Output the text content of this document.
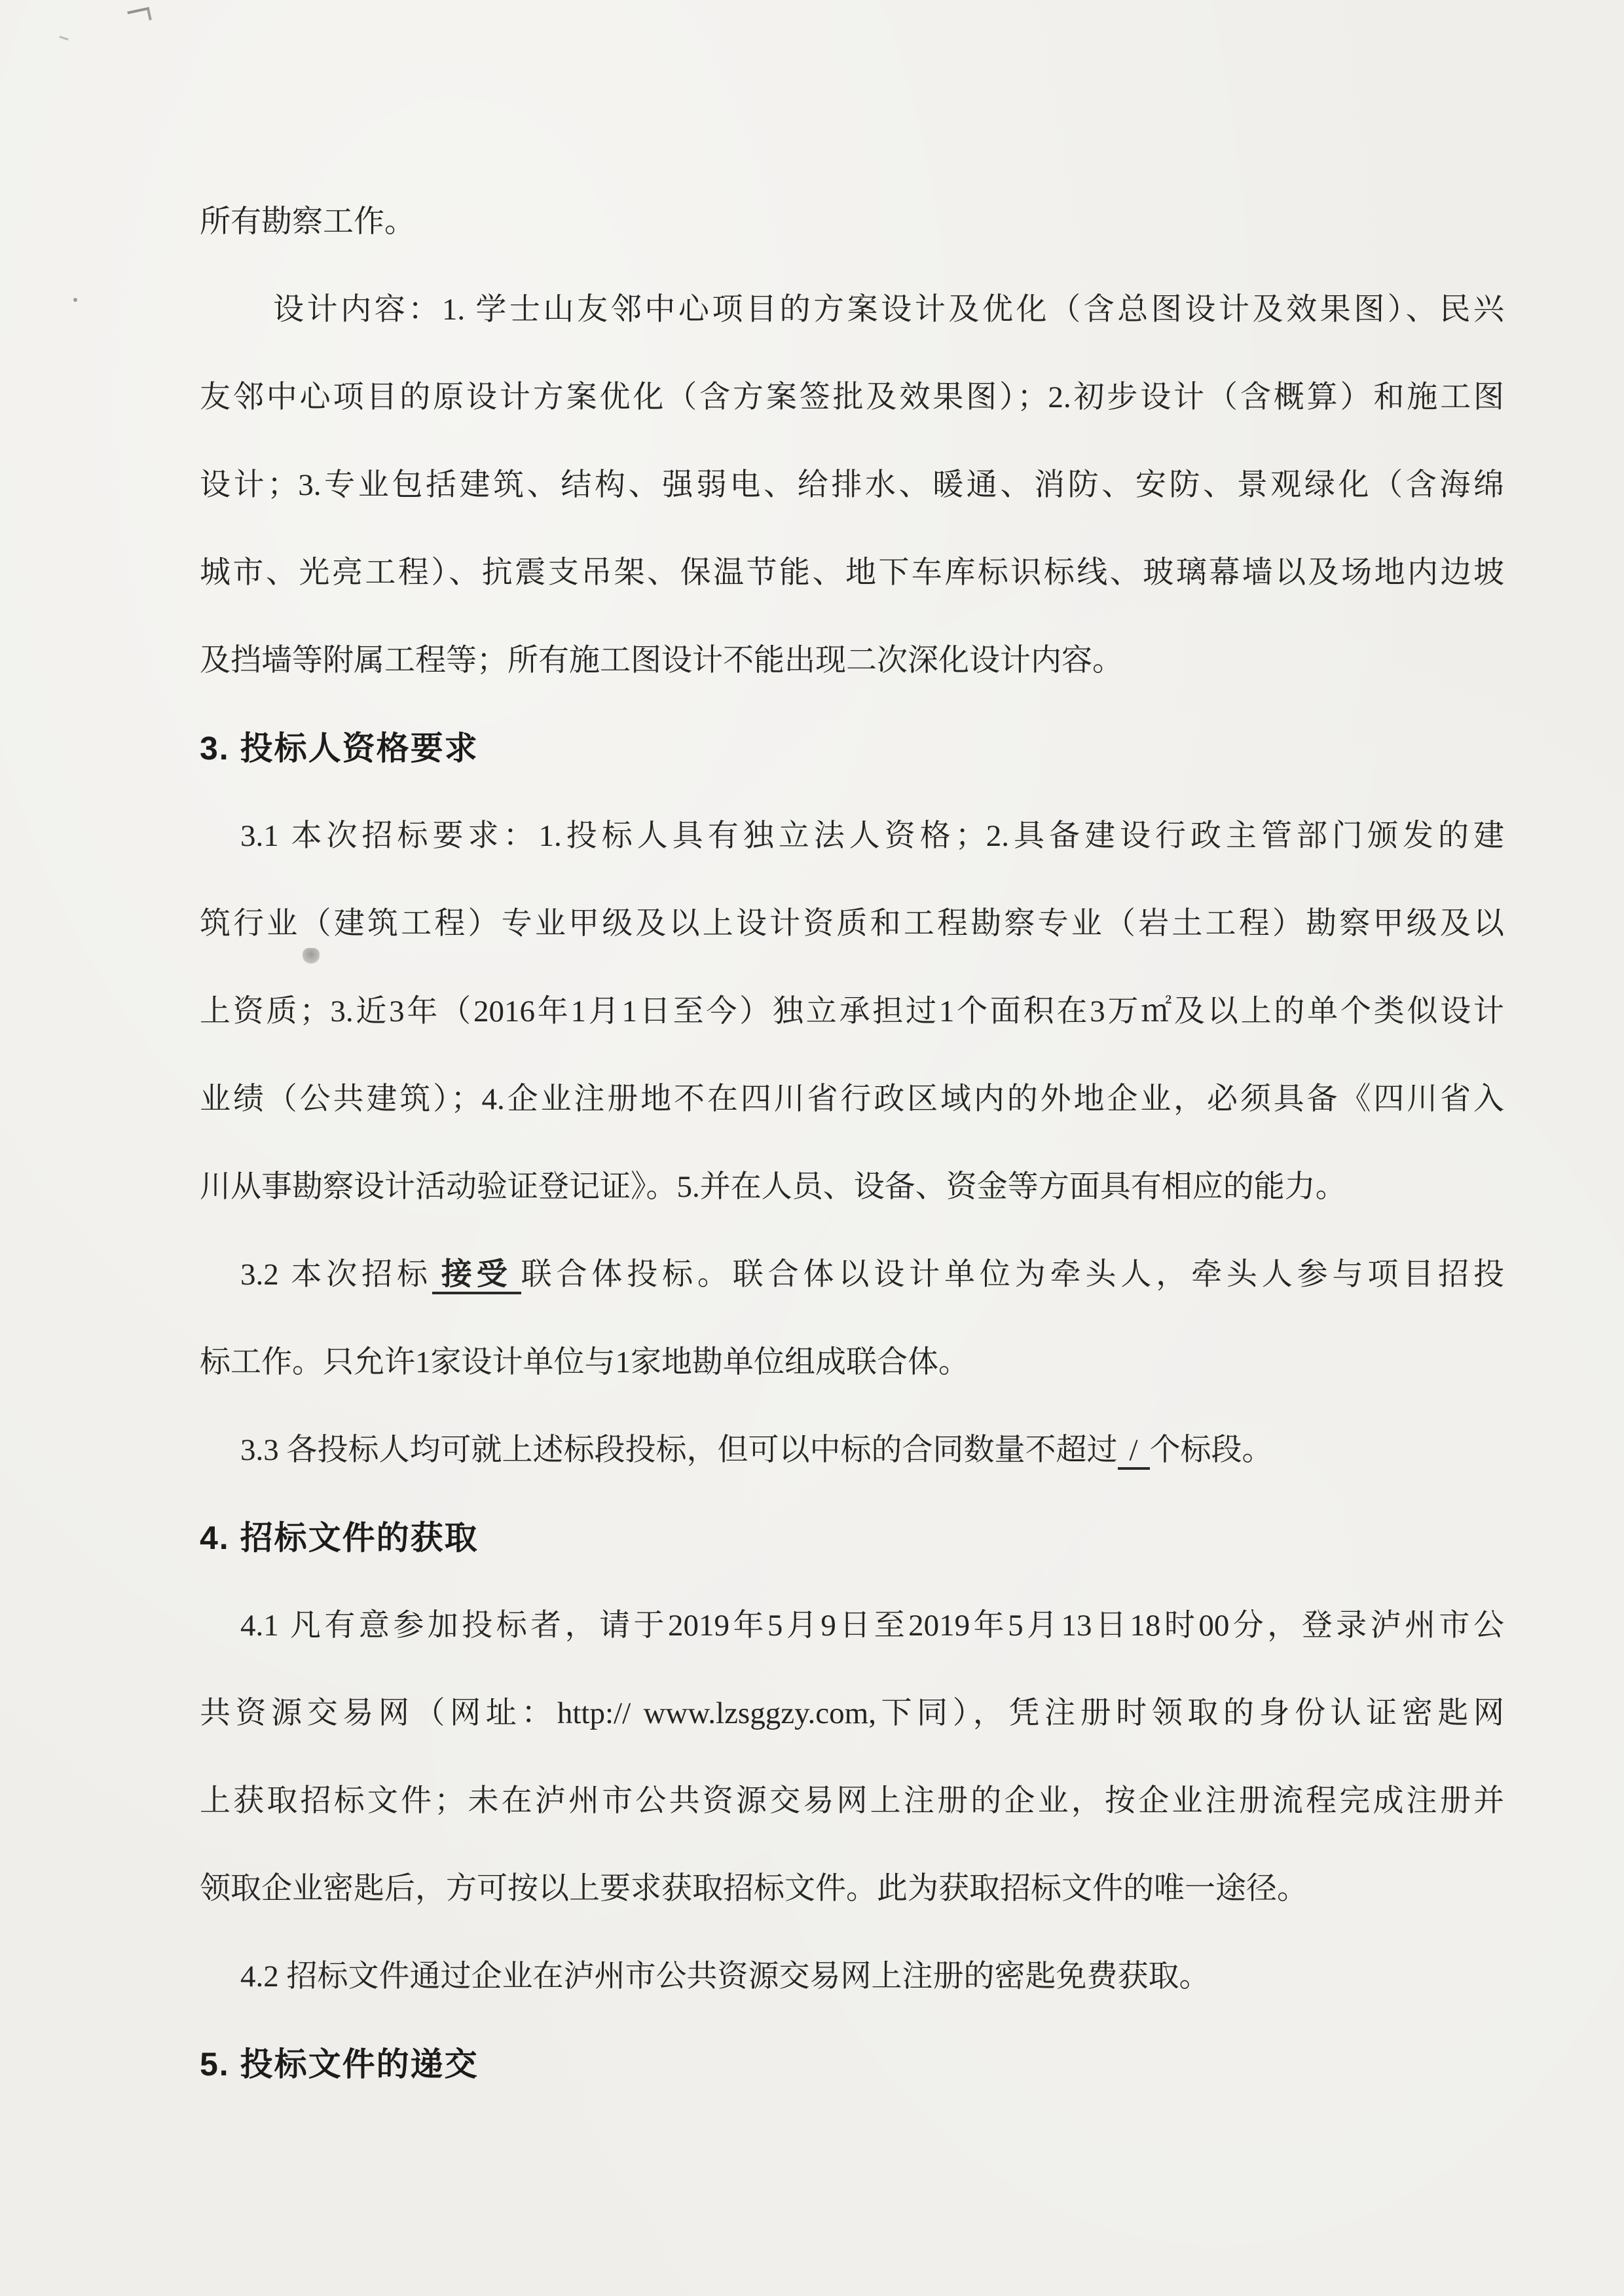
所有勘察工作。
设计内容：1. 学士山友邻中心项目的方案设计及优化（含总图设计及效果图）、民兴
友邻中心项目的原设计方案优化（含方案签批及效果图）；2.初步设计（含概算）和施工图
设计；3.专业包括建筑、结构、强弱电、给排水、暖通、消防、安防、景观绿化（含海绵
城市、光亮工程）、抗震支吊架、保温节能、地下车库标识标线、玻璃幕墙以及场地内边坡
及挡墙等附属工程等；所有施工图设计不能出现二次深化设计内容。
3. 投标人资格要求
3.1 本次招标要求：1.投标人具有独立法人资格；2.具备建设行政主管部门颁发的建
筑行业（建筑工程）专业甲级及以上设计资质和工程勘察专业（岩土工程）勘察甲级及以
上资质；3.近3年（2016年1月1日至今）独立承担过1个面积在3万㎡及以上的单个类似设计
业绩（公共建筑）；4.企业注册地不在四川省行政区域内的外地企业，必须具备《四川省入
川从事勘察设计活动验证登记证》。5.并在人员、设备、资金等方面具有相应的能力。
3.2 本次招标 接受 联合体投标。联合体以设计单位为牵头人，牵头人参与项目招投
标工作。只允许1家设计单位与1家地勘单位组成联合体。
3.3 各投标人均可就上述标段投标，但可以中标的合同数量不超过 / 个标段。
4. 招标文件的获取
4.1 凡有意参加投标者，请于2019年5月9日至2019年5月13日18时00分，登录泸州市公
共资源交易网（网址：http:// www.lzsggzy.com,下同），凭注册时领取的身份认证密匙网
上获取招标文件；未在泸州市公共资源交易网上注册的企业，按企业注册流程完成注册并
领取企业密匙后，方可按以上要求获取招标文件。此为获取招标文件的唯一途径。
4.2 招标文件通过企业在泸州市公共资源交易网上注册的密匙免费获取。
5. 投标文件的递交
